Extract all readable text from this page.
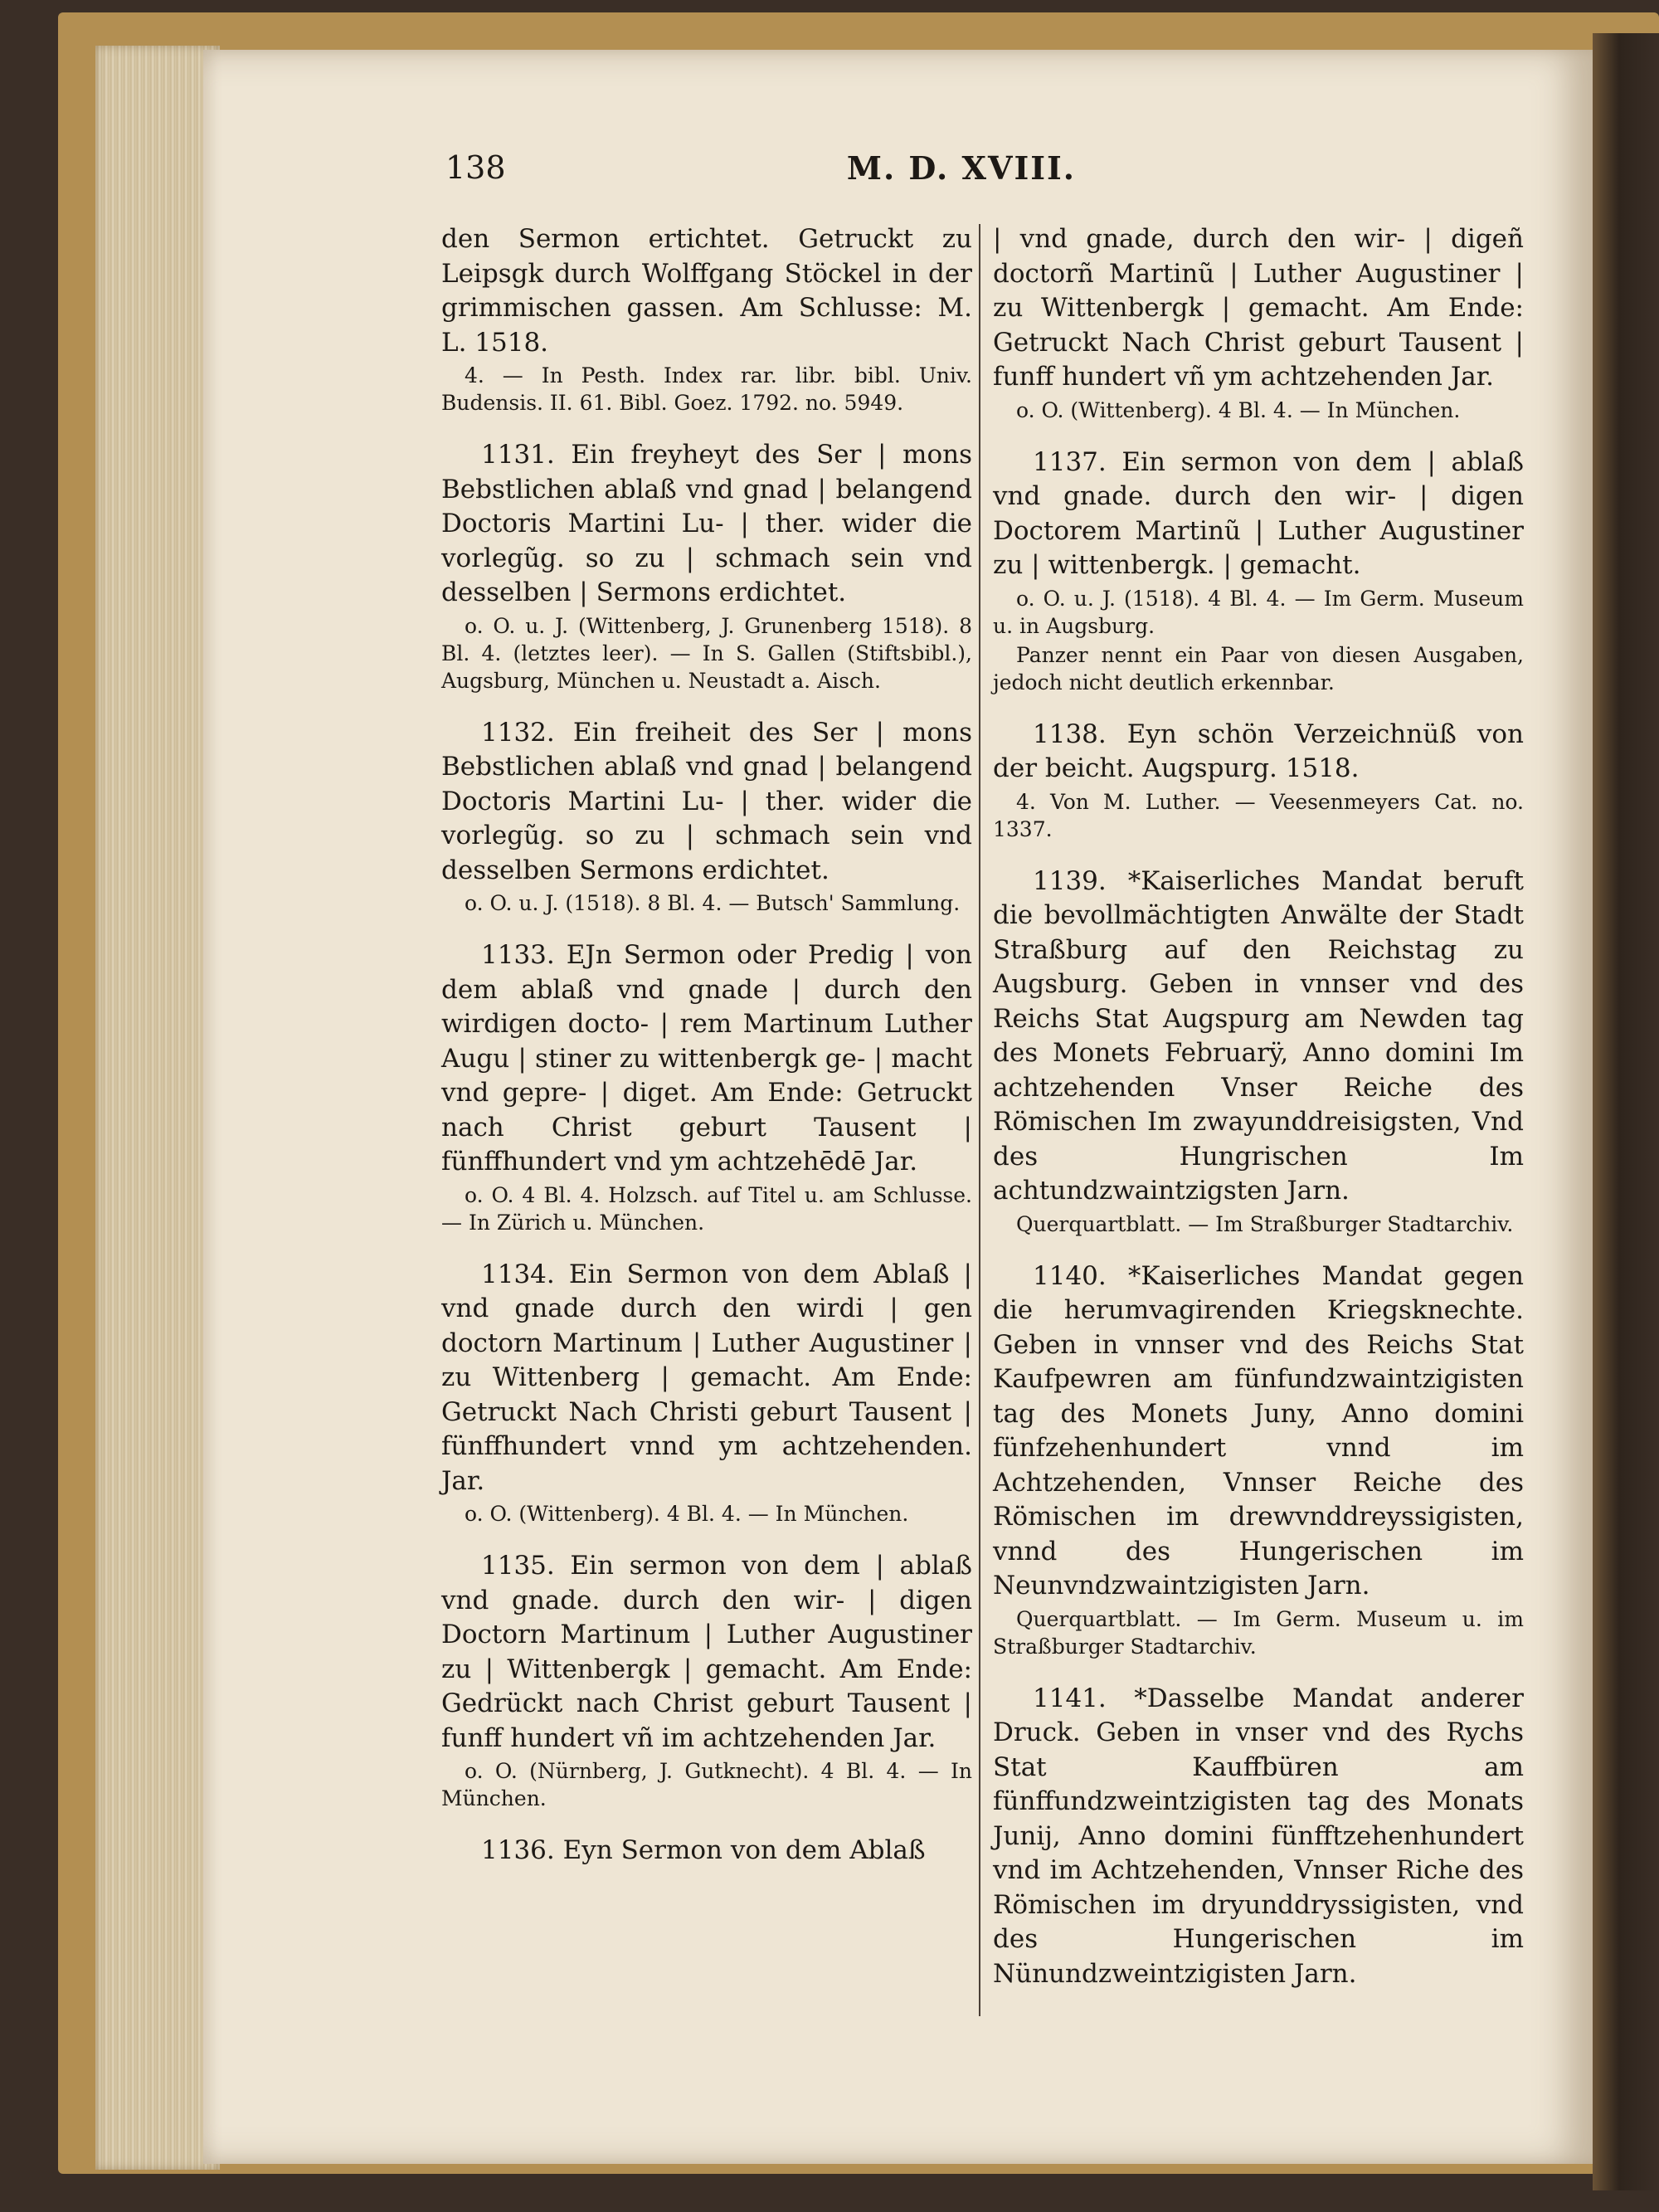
138	M. D. XVIII.

den Sermon ertichtet. Getruckt zu Leipsgk durch Wolffgang Stöckel in der grimmischen gassen. Am Schlusse: M. L. 1518.

4. — In Pesth. Index rar. libr. bibl. Univ. Budensis. II. 61. Bibl. Goez. 1792. no. 5949.

1131. Ein freyheyt des Ser | mons Bebstlichen ablaß vnd gnad | belangend Doctoris Martini Lu- | ther. wider die vorlegũg. so zu | schmach sein vnd desselben | Sermons erdichtet.

o. O. u. J. (Wittenberg, J. Grunenberg 1518). 8 Bl. 4. (letztes leer). — In S. Gallen (Stiftsbibl.), Augsburg, München u. Neustadt a. Aisch.

1132. Ein freiheit des Ser | mons Bebstlichen ablaß vnd gnad | belangend Doctoris Martini Lu- | ther. wider die vorlegũg. so zu | schmach sein vnd desselben Sermons erdichtet.

o. O. u. J. (1518). 8 Bl. 4. — Butsch' Sammlung.

1133. EJn Sermon oder Predig | von dem ablaß vnd gnade | durch den wirdigen docto- | rem Martinum Luther Augu | stiner zu wittenbergk ge- | macht vnd gepre- | diget. Am Ende: Getruckt nach Christ geburt Tausent | fünffhundert vnd ym achtzehēdē Jar.

o. O. 4 Bl. 4. Holzsch. auf Titel u. am Schlusse. — In Zürich u. München.

1134. Ein Sermon von dem Ablaß | vnd gnade durch den wirdi | gen doctorn Martinum | Luther Augustiner | zu Wittenberg | gemacht. Am Ende: Getruckt Nach Christi geburt Tausent | fünffhundert vnnd ym achtzehenden. Jar.

o. O. (Wittenberg). 4 Bl. 4. — In München.

1135. Ein sermon von dem | ablaß vnd gnade. durch den wir- | digen Doctorn Martinum | Luther Augustiner zu | Wittenbergk | gemacht. Am Ende: Gedrückt nach Christ geburt Tausent | funff hundert vñ im achtzehenden Jar.

o. O. (Nürnberg, J. Gutknecht). 4 Bl. 4. — In München.

1136. Eyn Sermon von dem Ablaß

| vnd gnade, durch den wir- | digeñ doctorñ Martinũ | Luther Augustiner | zu Wittenbergk | gemacht. Am Ende: Getruckt Nach Christ geburt Tausent | funff hundert vñ ym achtzehenden Jar.

o. O. (Wittenberg). 4 Bl. 4. — In München.

1137. Ein sermon von dem | ablaß vnd gnade. durch den wir- | digen Doctorem Martinũ | Luther Augustiner zu | wittenbergk. | gemacht.

o. O. u. J. (1518). 4 Bl. 4. — Im Germ. Museum u. in Augsburg.

Panzer nennt ein Paar von diesen Ausgaben, jedoch nicht deutlich erkennbar.

1138. Eyn schön Verzeichnüß von der beicht. Augspurg. 1518.

4. Von M. Luther. — Veesenmeyers Cat. no. 1337.

1139. *Kaiserliches Mandat beruft die bevollmächtigten Anwälte der Stadt Straßburg auf den Reichstag zu Augsburg. Geben in vnnser vnd des Reichs Stat Augspurg am Newden tag des Monets Februarÿ, Anno domini Im achtzehenden Vnser Reiche des Römischen Im zwayunddreisigsten, Vnd des Hungrischen Im achtundzwaintzigsten Jarn.

Querquartblatt. — Im Straßburger Stadtarchiv.

1140. *Kaiserliches Mandat gegen die herumvagirenden Kriegsknechte. Geben in vnnser vnd des Reichs Stat Kaufpewren am fünfundzwaintzigisten tag des Monets Juny, Anno domini fünfzehenhundert vnnd im Achtzehenden, Vnnser Reiche des Römischen im drewvnddreyssigisten, vnnd des Hungerischen im Neunvndzwaintzigisten Jarn.

Querquartblatt. — Im Germ. Museum u. im Straßburger Stadtarchiv.

1141. *Dasselbe Mandat anderer Druck. Geben in vnser vnd des Rychs Stat Kauffbüren am fünffundzweintzigisten tag des Monats Junij, Anno domini fünfftzehenhundert vnd im Achtzehenden, Vnnser Riche des Römischen im dryunddryssigisten, vnd des Hungerischen im Nünundzweintzigisten Jarn.
